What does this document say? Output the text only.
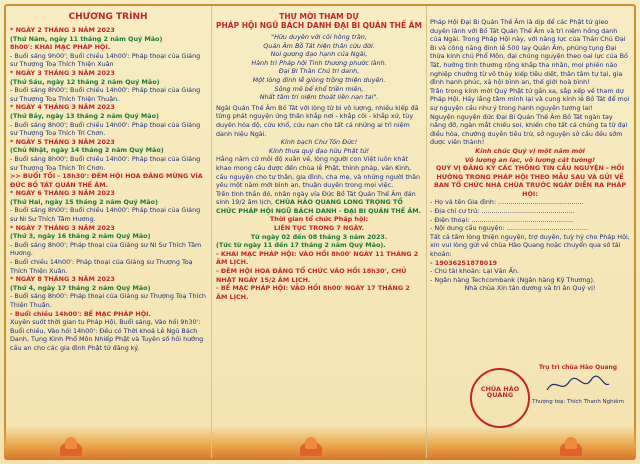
CHƯƠNG TRÌNH

* NGÀY 2 THÁNG 3 NĂM 2023

(Thứ Năm, ngày 11 tháng 2 năm Quý Mão)

8h00': KHAI MẠC PHÁP HỘI.

- Buổi sáng 9h00'; Buổi chiều 14h00': Pháp thoại của Giảng sư Thượng Toạ Thích Thiện Xuân

* NGÀY 3 THÁNG 3 NĂM 2023

(Thứ Sáu, ngày 12 tháng 2 năm Quý Mão)

- Buổi sáng 8h00'; Buổi chiều 14h00': Pháp thoại của Giảng sư Thượng Toạ Thích Thiện Thuận.

* NGÀY 4 THÁNG 3 NĂM 2023

(Thứ Bảy, ngày 13 tháng 2 năm Quý Mão)

- Buổi sáng 8h00'; Buổi chiều 14h00': Pháp thoại của Giảng sư Thượng Toạ Thích Trí Chơn.

* NGÀY 5 THÁNG 3 NĂM 2023

(Chủ Nhật, ngày 14 tháng 2 năm Quý Mão)

- Buổi sáng 8h00'; Buổi chiều 14h00': Pháp thoại của Giảng sư Thượng Toạ Thích Trí Chơn.

>> BUỔI TỐI - 18h30': ĐÊM HỘI HOA ĐĂNG MỪNG VÍA ĐỨC BỒ TÁT QUÁN THẾ ÂM.

* NGÀY 6 THÁNG 3 NĂM 2023

(Thứ Hai, ngày 15 tháng 2 năm Quý Mão)

- Buổi sáng 8h00'; Buổi chiều 14h00': Pháp thoại của Giảng sư Ni Sư Thích Tâm Hương.

* NGÀY 7 THÁNG 3 NĂM 2023

(Thứ 3, ngày 16 tháng 2 năm Quý Mão)

- Buổi sáng 8h00'; Pháp thoại của Giảng sư Ni Sư Thích Tâm Hương.

- Buổi chiều 14h00': Pháp thoại của Giảng sư Thượng Toạ Thích Thiện Xuân.

* NGÀY 8 THÁNG 3 NĂM 2023

(Thứ 4, ngày 17 tháng 2 năm Quý Mão)

- Buổi sáng 8h00': Pháp thoại của Giảng sư Thượng Toạ Thích Thiện Thuận.

- Buổi chiều 14h00': BẾ MẠC PHÁP HỘI.

Xuyên suốt thời gian tu Pháp Hội, Buổi sáng, Vào hồi 9h30': Buổi chiều, Vào hồi 14h00': Đều có Thời khoá Lễ Ngũ Bách Danh, Tụng Kinh Phổ Môn Nhiếp Phật và Tuyên số hồi hướng cầu an cho các gia đình Phật tử đăng ký.

THƯ MỜI THAM DỰ
PHÁP HỘI NGŨ BÁCH DANH ĐẠI BI QUÁN THẾ ÂM

"Hữu duyên với cõi hồng trần,

Quán Âm Bồ Tát hiện thân cứu đời.

Noi gương đạo hạnh của Ngài,

Hành trì Pháp hội Tinh thương phước lành.

Đại Bi Thần Chú tri danh,

Một lòng đỉnh lễ giòng trồng thiện duyên.

Sông mê bể khổ triền miên,

Nhất tâm tri niệm thoát liền nạn tai".

Ngài Quán Thế Âm Bồ Tát với lòng từ bi vô lượng, nhiều kiếp đã từng phát nguyện ứng thân khắp nơi - khắp cõi - khắp xứ, tùy duyên hóa độ, cứu khổ, cứu nạn cho tất cả những ai trì niệm danh hiệu Ngài.

Kính bạch Chư Tôn Đức!

Kính thưa quý đạo hữu Phật tử!

Hằng năm cứ mỗi độ xuân về, lòng người con Việt luôn khát khao mong cầu được đến chùa lễ Phật, thỉnh pháp, vãn Kinh, cầu nguyện cho tự thân, gia đình, cha mẹ, và những người thân yêu một năm mới bình an, thuận duyên trong mọi việc.

Trên tinh thần đó, nhân ngày vía Đức Bồ Tát Quán Thế Âm đản sinh 19/2 âm lịch, CHÙA HÀO QUANG LONG TRỌNG TỔ CHỨC PHÁP HỘI NGŨ BÁCH DANH - ĐẠI BI QUÁN THẾ ÂM.

Thời gian tổ chức Pháp hội:

LIÊN TỤC TRONG 7 NGÀY.

Từ ngày 02 đến 08 tháng 3 năm 2023.

(Tức từ ngày 11 đến 17 tháng 2 năm Quý Mão).

- KHAI MẠC PHÁP HỘI: VÀO HỒI 8h00' NGÀY 11 THÁNG 2 ÂM LỊCH.

- ĐÊM HỘI HOA ĐĂNG TỔ CHỨC VÀO HỒI 18h30', CHỦ NHẬT NGÀY 15/2 ÂM LỊCH.

- BẾ MẠC PHÁP HỘI: VÀO HỒI 8h00' NGÀY 17 THÁNG 2 ÂM LỊCH.

Pháp Hội Đại Bi Quán Thế Âm là dịp để các Phật tử gieo duyên lành với Bồ Tát Quán Thế Âm và trì niệm hồng danh của Ngài. Trong Pháp Hội này, với năng lực của Thần Chú Đại Bi và công năng đỉnh lễ 500 lạy Quán Âm, phúng tụng Đại thừa kinh chú Phổ Môn, đại chúng nguyện theo oai lực của Bồ Tát, hướng tinh thương rộng khắp tha nhân, mọi phiền não nghiệp chướng từ vô thủy kiếp tiêu diệt, thân tâm tự tại, gia đình hạnh phúc, xã hội bình an, thế giới hoà bình!

Trân trọng kính mời Quý Phật tử gần xa, sắp xếp về tham dự Pháp Hội. Hãy lắng tâm mình lại và cung kính lễ Bồ Tát để mọi sự nguyện cầu như ý trong hạnh nguyện tương lai!

Nguyện nguyện đức Đại Bi Quán Thế Âm Bồ Tát ngàn tay nâng đỡ, ngàn mắt chiếu soi, khiến cho tất cả chúng ta từ đại điều hòa, chướng duyên tiêu trừ, sở nguyện sở cầu đều sớm được viên thành!

Kính chúc Quý vị một năm mới

Vô lượng an lạc, vô lượng cát tường!

QUÝ VỊ ĐĂNG KÝ CÁC THÔNG TIN CẦU NGUYỆN - HỒI HƯỚNG TRONG PHÁP HỘI THEO MẪU SAU VÀ GỬI VỀ BAN TỔ CHỨC NHÀ CHÙA TRƯỚC NGÀY DIỄN RA PHÁP HỘI:

- Họ và tên Gia đình: ..........................................

- Địa chỉ cư trú: ..............................................

- Điện thoại: ..................................................

- Nội dung cầu nguyện: ........................................

Tất cả tấm lòng thiện nguyện, trợ duyên, tuỳ hỷ cho Pháp Hội, xin vui lòng gửi về chùa Hào Quang hoặc chuyển qua số tài khoản:

- 19036251878019

- Chủ tài khoản: Lại Văn Ấn.

- Ngân hàng Techcombank (Ngân hàng Kỹ Thương).

Nhà chùa Xin tán dương và tri ân Quý vị!

CHÙA HÀO QUANG
Trụ trì chùa Hào Quang
Thượng toạ: Thích Thanh Nghiêm
